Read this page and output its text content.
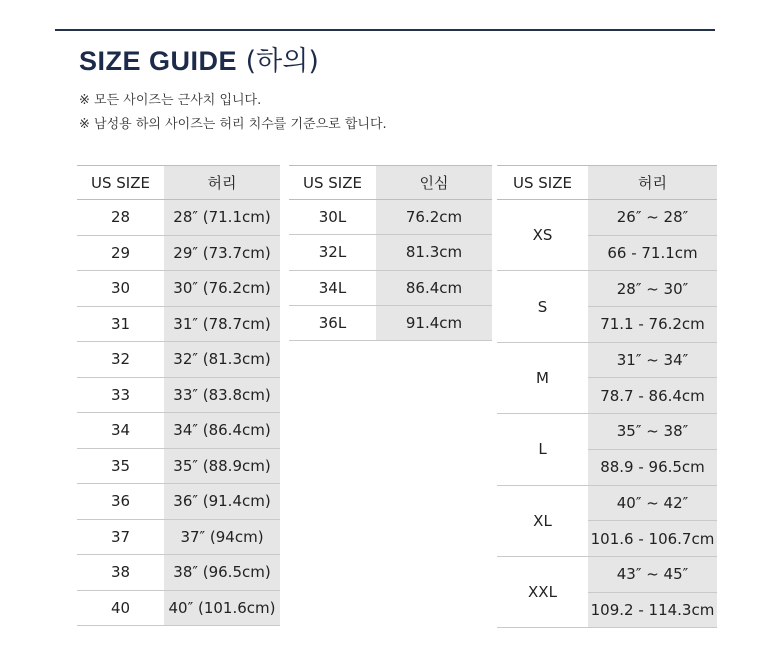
SIZE GUIDE (하의)
※ 모든 사이즈는 근사치 입니다.
※ 남성용 하의 사이즈는 허리 치수를 기준으로 합니다.
US SIZE	허리
28	28″ (71.1cm)
29	29″ (73.7cm)
30	30″ (76.2cm)
31	31″ (78.7cm)
32	32″ (81.3cm)
33	33″ (83.8cm)
34	34″ (86.4cm)
35	35″ (88.9cm)
36	36″ (91.4cm)
37	37″ (94cm)
38	38″ (96.5cm)
40	40″ (101.6cm)
US SIZE	인심
30L	76.2cm
32L	81.3cm
34L	86.4cm
36L	91.4cm
US SIZE	허리
XS	26″ ~ 28″
	66 - 71.1cm
S	28″ ~ 30″
	71.1 - 76.2cm
M	31″ ~ 34″
	78.7 - 86.4cm
L	35″ ~ 38″
	88.9 - 96.5cm
XL	40″ ~ 42″
	101.6 - 106.7cm
XXL	43″ ~ 45″
	109.2 - 114.3cm
